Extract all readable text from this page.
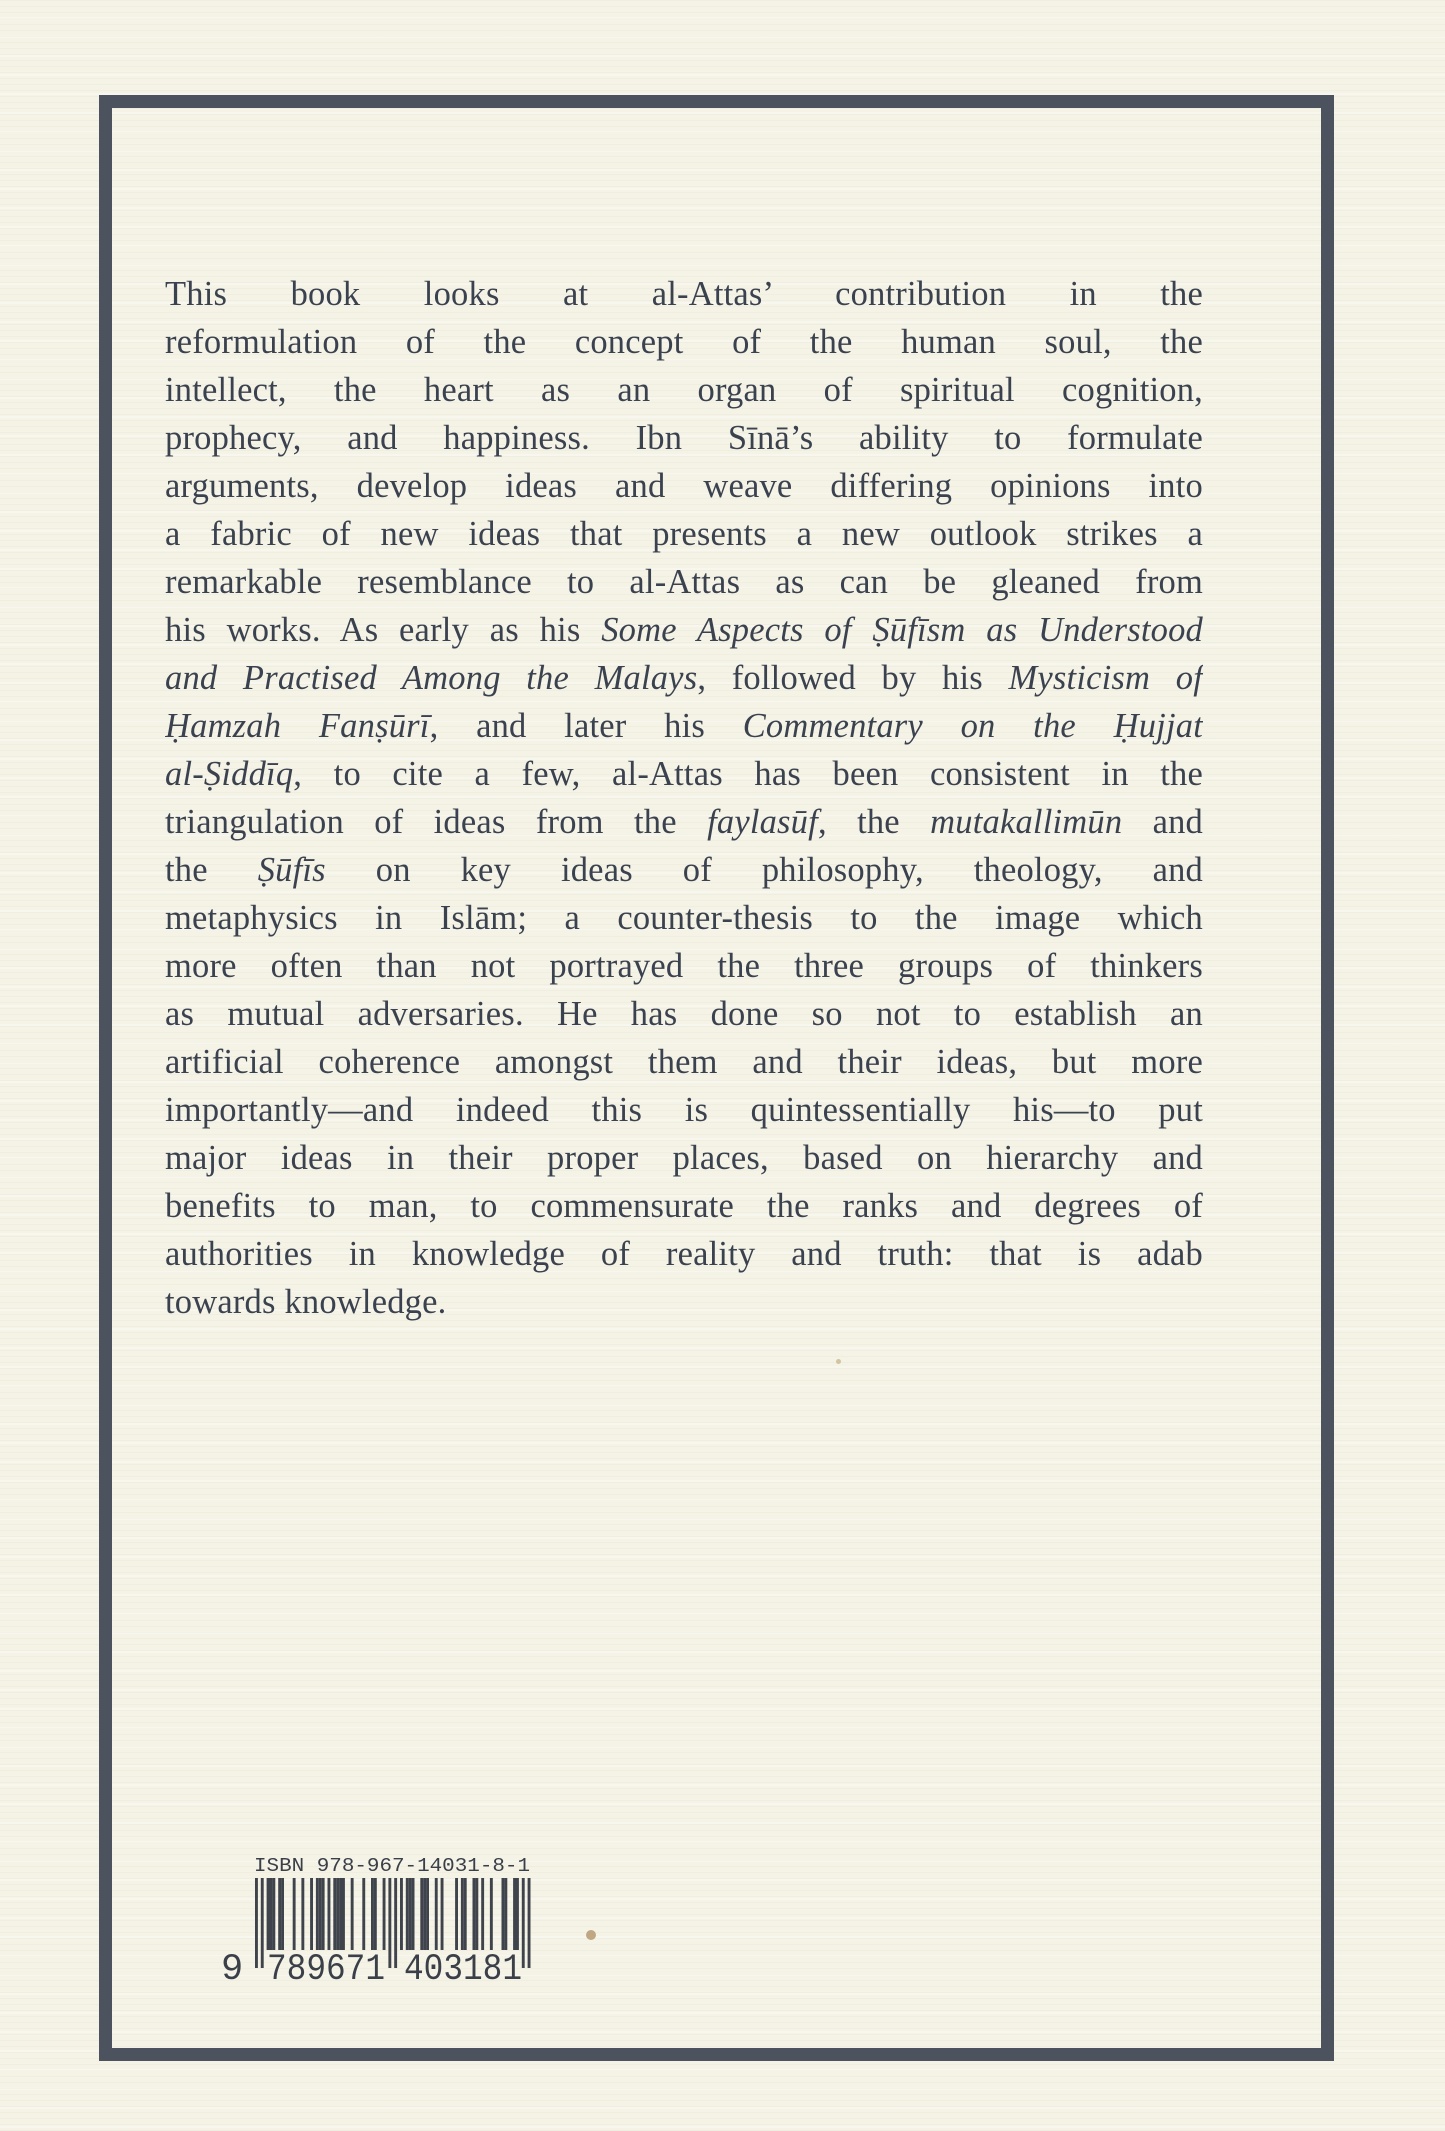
This book looks at al-Attas’ contribution in the
reformulation of the concept of the human soul, the
intellect, the heart as an organ of spiritual cognition,
prophecy, and happiness. Ibn Sīnā’s ability to formulate
arguments, develop ideas and weave differing opinions into
a fabric of new ideas that presents a new outlook strikes a
remarkable resemblance to al-Attas as can be gleaned from
his works. As early as his Some Aspects of Ṣūfīsm as Understood
and Practised Among the Malays, followed by his Mysticism of
Ḥamzah Fanṣūrī, and later his Commentary on the Ḥujjat
al-Ṣiddīq, to cite a few, al-Attas has been consistent in the
triangulation of ideas from the faylasūf, the mutakallimūn and
the Ṣūfīs on key ideas of philosophy, theology, and
metaphysics in Islām; a counter-thesis to the image which
more often than not portrayed the three groups of thinkers
as mutual adversaries. He has done so not to establish an
artificial coherence amongst them and their ideas, but more
importantly—and indeed this is quintessentially his—to put
major ideas in their proper places, based on hierarchy and
benefits to man, to commensurate the ranks and degrees of
authorities in knowledge of reality and truth: that is adab
towards knowledge.
ISBN 978-967-14031-8-1
9 789671 403181
